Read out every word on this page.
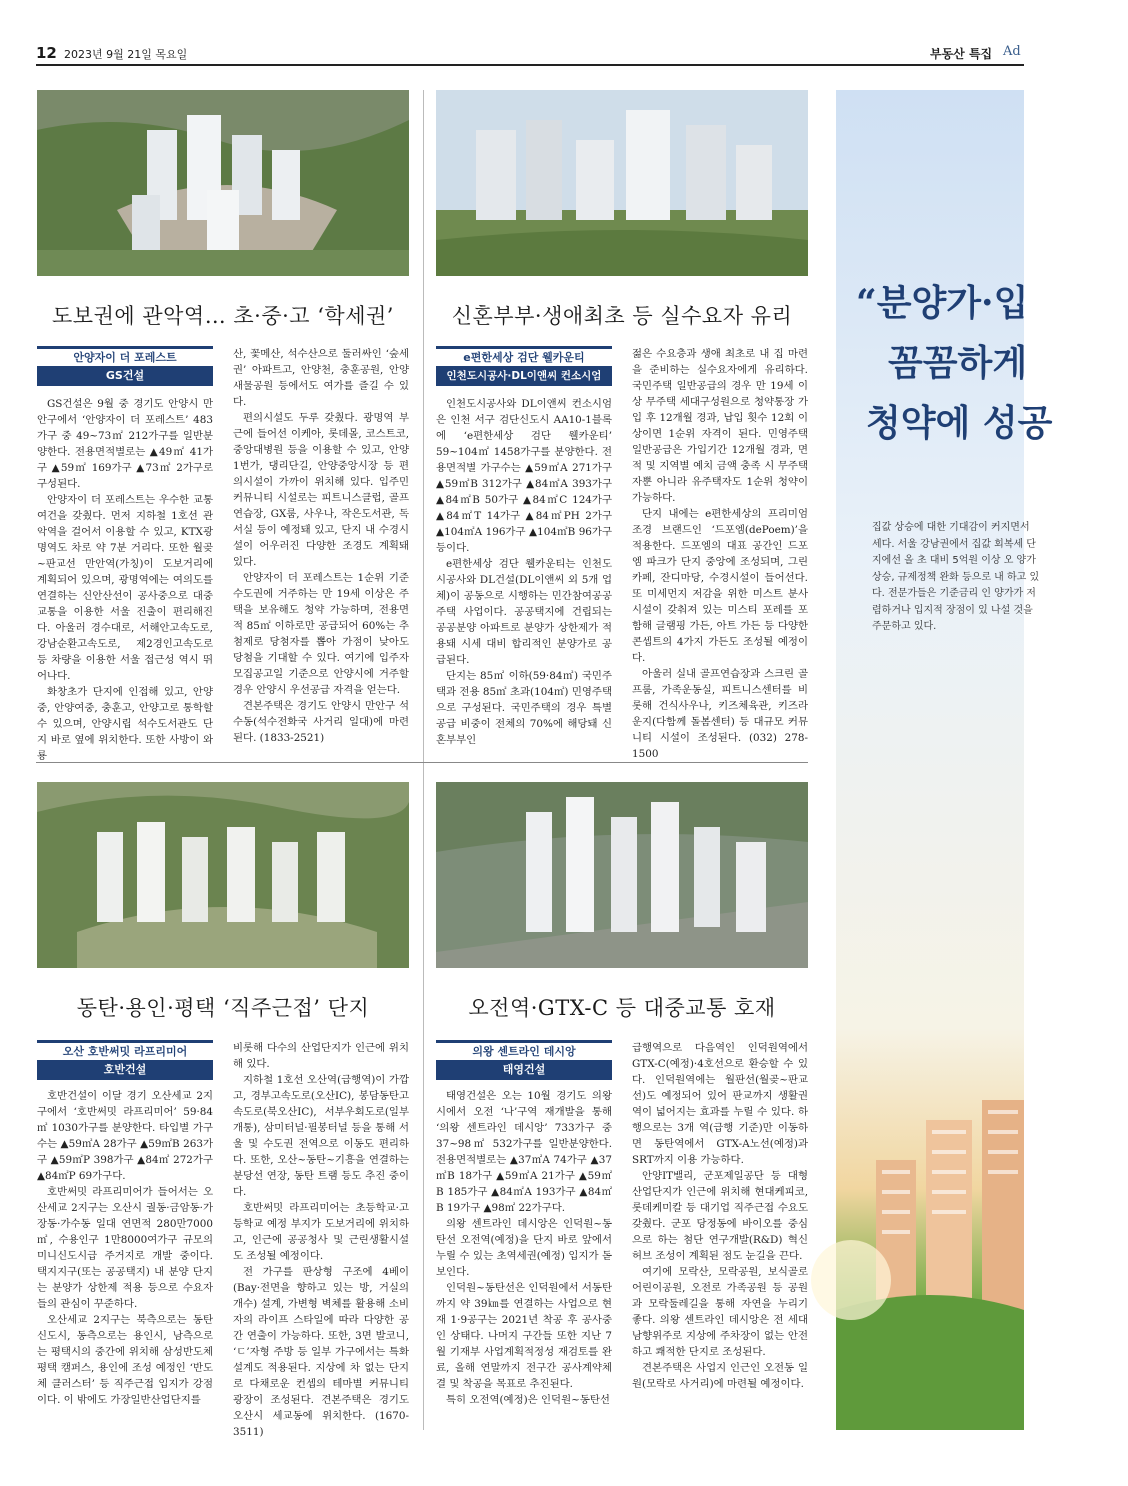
12 2023년 9월 21일 목요일	부동산 특집 Ad
도보권에 관악역… 초·중·고 ‘학세권’
안양자이 더 포레스트
GS건설

GS건설은 9월 중 경기도 안양시 만안구에서 ‘안양자이 더 포레스트’ 483가구 중 49~73㎡ 212가구를 일반분양한다. 전용면적별로는 ▲49㎡ 41가구 ▲59㎡ 169가구 ▲73㎡ 2가구로 구성된다.

안양자이 더 포레스트는 우수한 교통 여건을 갖췄다. 먼저 지하철 1호선 관악역을 걸어서 이용할 수 있고, KTX광명역도 차로 약 7분 거리다. 또한 월곶~판교선 만안역(가칭)이 도보거리에 계획되어 있으며, 광명역에는 여의도를 연결하는 신안산선이 공사중으로 대중 교통을 이용한 서울 진출이 편리해진다. 아울러 경수대로, 서해안고속도로, 강남순환고속도로, 제2경인고속도로 등 차량을 이용한 서울 접근성 역시 뛰어나다.

화창초가 단지에 인접해 있고, 안양중, 안양여중, 충훈고, 안양고로 통학할 수 있으며, 안양시립 석수도서관도 단지 바로 옆에 위치한다. 또한 사방이 와룡

산, 꽃메산, 석수산으로 둘러싸인 ‘숲세권’ 아파트고, 안양천, 충훈공원, 안양새물공원 등에서도 여가를 즐길 수 있다.

편의시설도 두루 갖췄다. 광명역 부근에 들어선 이케아, 롯데몰, 코스트코, 중앙대병원 등을 이용할 수 있고, 안양1번가, 댕리단길, 안양중앙시장 등 편의시설이 가까이 위치해 있다. 입주민 커뮤니티 시설로는 피트니스클럽, 골프연습장, GX룸, 사우나, 작은도서관, 독서실 등이 예정돼 있고, 단지 내 수경시설이 어우러진 다양한 조경도 계획돼 있다.

안양자이 더 포레스트는 1순위 기준 수도권에 거주하는 만 19세 이상은 주택을 보유해도 청약 가능하며, 전용면적 85㎡ 이하로만 공급되어 60%는 추첨제로 당첨자를 뽑아 가점이 낮아도 당첨을 기대할 수 있다. 여기에 입주자 모집공고일 기준으로 안양시에 거주할 경우 안양시 우선공급 자격을 얻는다.

견본주택은 경기도 안양시 만안구 석수동(석수전화국 사거리 일대)에 마련된다. (1833-2521)

신혼부부·생애최초 등 실수요자 유리
e편한세상 검단 웰카운티
인천도시공사·DL이앤씨 컨소시엄

인천도시공사와 DL이앤씨 컨소시엄은 인천 서구 검단신도시 AA10-1블록에 ‘e편한세상 검단 웰카운티’ 59~104㎡ 1458가구를 분양한다. 전용면적별 가구수는 ▲59㎡A 271가구 ▲59㎡B 312가구 ▲84㎡A 393가구 ▲84㎡B 50가구 ▲84㎡C 124가구 ▲84㎡T 14가구 ▲84㎡PH 2가구 ▲104㎡A 196가구 ▲104㎡B 96가구 등이다.

e편한세상 검단 웰카운티는 인천도시공사와 DL건설(DL이앤씨 외 5개 업체)이 공동으로 시행하는 민간참여공공주택 사업이다. 공공택지에 건립되는 공공분양 아파트로 분양가 상한제가 적용돼 시세 대비 합리적인 분양가로 공급된다.

단지는 85㎡ 이하(59·84㎡) 국민주택과 전용 85㎡ 초과(104㎡) 민영주택으로 구성된다. 국민주택의 경우 특별공급 비중이 전체의 70%에 해당돼 신혼부부인

젊은 수요층과 생애 최초로 내 집 마련을 준비하는 실수요자에게 유리하다. 국민주택 일반공급의 경우 만 19세 이상 무주택 세대구성원으로 청약통장 가입 후 12개월 경과, 납입 횟수 12회 이상이면 1순위 자격이 된다. 민영주택 일반공급은 가입기간 12개월 경과, 면적 및 지역별 예치 금액 충족 시 무주택자뿐 아니라 유주택자도 1순위 청약이 가능하다.

단지 내에는 e편한세상의 프리미엄 조경 브랜드인 ‘드포엠(dePoem)’을 적용한다. 드포엠의 대표 공간인 드포엠 파크가 단지 중앙에 조성되며, 그린카페, 잔디마당, 수경시설이 들어선다. 또 미세먼지 저감을 위한 미스트 분사 시설이 갖춰져 있는 미스티 포레를 포함해 글램핑 가든, 아트 가든 등 다양한 콘셉트의 4가지 가든도 조성될 예정이다.

아울러 실내 골프연습장과 스크린 골프룸, 가족운동실, 피트니스센터를 비롯해 건식사우나, 키즈체육관, 키즈라운지(다함께 돌봄센터) 등 대규모 커뮤니티 시설이 조성된다. (032) 278-1500

동탄·용인·평택 ‘직주근접’ 단지
오산 호반써밋 라프리미어
호반건설

호반건설이 이달 경기 오산세교 2지구에서 ‘호반써밋 라프리미어’ 59·84㎡ 1030가구를 분양한다. 타입별 가구수는 ▲59㎡A 28가구 ▲59㎡B 263가구 ▲59㎡P 398가구 ▲84㎡ 272가구 ▲84㎡P 69가구다.

호반써밋 라프리미어가 들어서는 오산세교 2지구는 오산시 궐동·금암동·가장동·가수동 일대 연면적 280만7000㎡, 수용인구 1만8000여가구 규모의 미니신도시급 주거지로 개발 중이다. 택지지구(또는 공공택지) 내 분양 단지는 분양가 상한제 적용 등으로 수요자들의 관심이 꾸준하다.

오산세교 2지구는 북측으로는 동탄신도시, 동측으로는 용인시, 남측으로는 평택시의 중간에 위치해 삼성반도체 평택 캠퍼스, 용인에 조성 예정인 ‘반도체 클러스터’ 등 직주근접 입지가 강점이다. 이 밖에도 가장일반산업단지를

비롯해 다수의 산업단지가 인근에 위치해 있다.

지하철 1호선 오산역(급행역)이 가깝고, 경부고속도로(오산IC), 봉담동탄고속도로(북오산IC), 서부우회도로(일부 개통), 삼미터널·필봉터널 등을 통해 서울 및 수도권 전역으로 이동도 편리하다. 또한, 오산~동탄~기흥을 연결하는 분당선 연장, 동탄 트램 등도 추진 중이다.

호반써밋 라프리미어는 초등학교·고등학교 예정 부지가 도보거리에 위치하고, 인근에 공공청사 및 근린생활시설도 조성될 예정이다.

전 가구를 판상형 구조에 4베이(Bay·전면을 향하고 있는 방, 거실의 개수) 설계, 가변형 벽체를 활용해 소비자의 라이프 스타일에 따라 다양한 공간 연출이 가능하다. 또한, 3면 발코니, ‘ㄷ’자형 주방 등 일부 가구에서는 특화 설계도 적용된다. 지상에 차 없는 단지로 다채로운 컨셉의 테마별 커뮤니티 광장이 조성된다. 견본주택은 경기도 오산시 세교동에 위치한다. (1670-3511)

오전역·GTX-C 등 대중교통 호재
의왕 센트라인 데시앙
태영건설

태영건설은 오는 10월 경기도 의왕시에서 오전 ‘나’구역 재개발을 통해 ‘의왕 센트라인 데시앙’ 733가구 중 37~98㎡ 532가구를 일반분양한다. 전용면적별로는 ▲37㎡A 74가구 ▲37㎡B 18가구 ▲59㎡A 21가구 ▲59㎡B 185가구 ▲84㎡A 193가구 ▲84㎡B 19가구 ▲98㎡ 22가구다.

의왕 센트라인 데시앙은 인덕원~동탄선 오전역(예정)을 단지 바로 앞에서 누릴 수 있는 초역세권(예정) 입지가 돋보인다.

인덕원~동탄선은 인덕원에서 서동탄까지 약 39㎞를 연결하는 사업으로 현재 1·9공구는 2021년 착공 후 공사중인 상태다. 나머지 구간들 또한 지난 7월 기재부 사업계획적정성 재검토를 완료, 올해 연말까지 전구간 공사계약체결 및 착공을 목표로 추진된다.

특히 오전역(예정)은 인덕원~동탄선

급행역으로 다음역인 인덕원역에서 GTX-C(예정)·4호선으로 환승할 수 있다. 인덕원역에는 월판선(월곶~판교선)도 예정되어 있어 판교까지 생활권역이 넓어지는 효과를 누릴 수 있다. 하행으로는 3개 역(급행 기준)만 이동하면 동탄역에서 GTX-A노선(예정)과 SRT까지 이용 가능하다.

안양IT밸리, 군포제일공단 등 대형 산업단지가 인근에 위치해 현대케피코, 롯데케미칼 등 대기업 직주근접 수요도 갖췄다. 군포 당정동에 바이오를 중심으로 하는 첨단 연구개발(R&D) 혁신 허브 조성이 계획된 점도 눈길을 끈다.

여기에 모락산, 모락공원, 보식골로 어린이공원, 오전로 가족공원 등 공원과 모락둘레길을 통해 자연을 누리기 좋다. 의왕 센트라인 데시앙은 전 세대 남향위주로 지상에 주차장이 없는 안전하고 쾌적한 단지로 조성된다.

견본주택은 사업지 인근인 오전동 일원(모락로 사거리)에 마련될 예정이다.

“분양가·입
꼼꼼하게
청약에 성공
집값 상승에 대한 기대감이 커지면서 세다. 서울 강남권에서 집값 회복세 단지에선 올 초 대비 5억원 이상 오 양가 상승, 규제정책 완화 등으로 내 하고 있다. 전문가들은 기준금리 인 양가가 저렴하거나 입지적 장점이 있 나설 것을 주문하고 있다.
